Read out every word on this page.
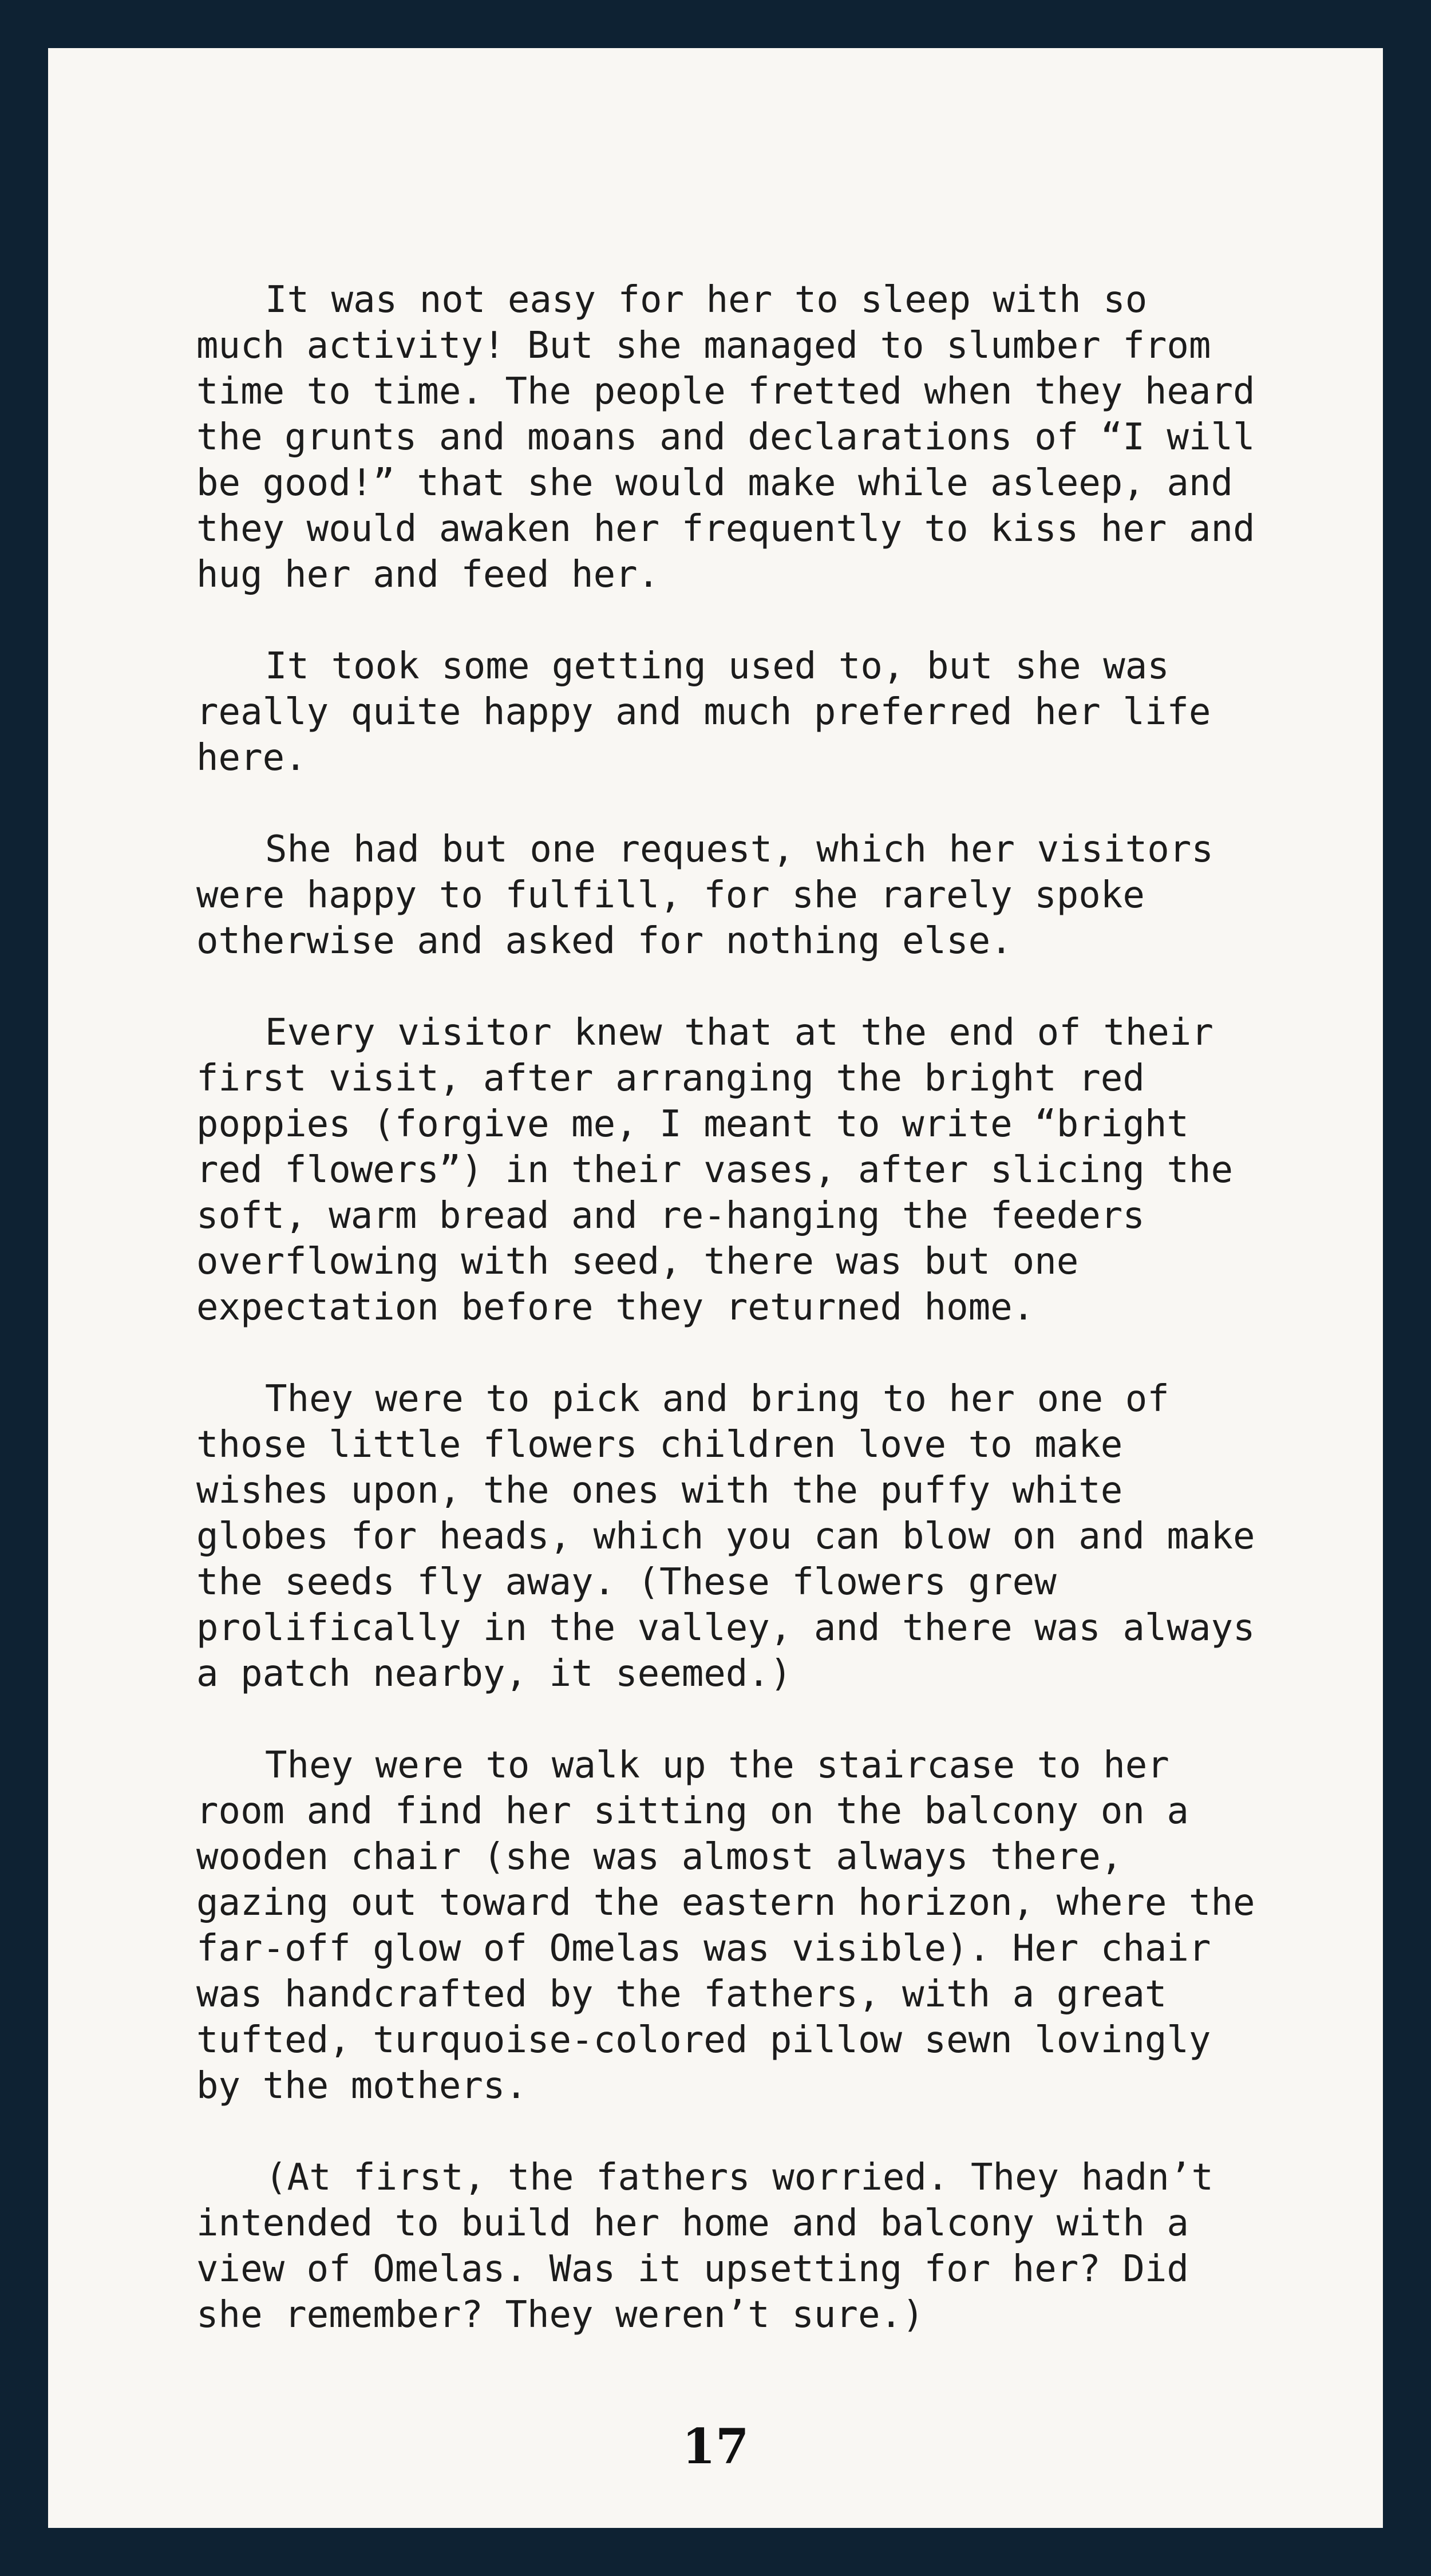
It was not easy for her to sleep with so much activity! But she managed to slumber from time to time. The people fretted when they heard the grunts and moans and declarations of “I will be good!” that she would make while asleep, and they would awaken her frequently to kiss her and hug her and feed her.

It took some getting used to, but she was really quite happy and much preferred her life here.

She had but one request, which her visitors were happy to fulfill, for she rarely spoke otherwise and asked for nothing else.

Every visitor knew that at the end of their first visit, after arranging the bright red poppies (forgive me, I meant to write “bright red flowers”) in their vases, after slicing the soft, warm bread and re-hanging the feeders overflowing with seed, there was but one expectation before they returned home.

They were to pick and bring to her one of those little flowers children love to make wishes upon, the ones with the puffy white globes for heads, which you can blow on and make the seeds fly away. (These flowers grew prolifically in the valley, and there was always a patch nearby, it seemed.)

They were to walk up the staircase to her room and find her sitting on the balcony on a wooden chair (she was almost always there, gazing out toward the eastern horizon, where the far-off glow of Omelas was visible). Her chair was handcrafted by the fathers, with a great tufted, turquoise-colored pillow sewn lovingly by the mothers.

(At first, the fathers worried. They hadn’t intended to build her home and balcony with a view of Omelas. Was it upsetting for her? Did she remember? They weren’t sure.)

17
